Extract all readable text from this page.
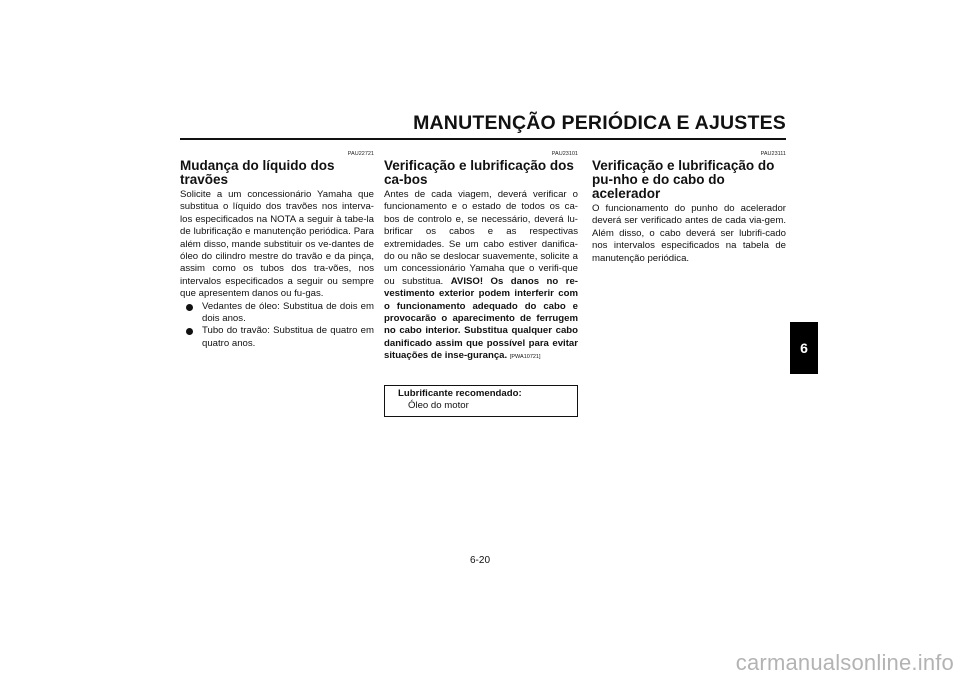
MANUTENÇÃO PERIÓDICA E AJUSTES
6
PAU22721
Mudança do líquido dos travões

Solicite a um concessionário Yamaha que substitua o líquido dos travões nos interva-los especificados na NOTA a seguir à tabe-la de lubrificação e manutenção periódica. Para além disso, mande substituir os ve-dantes de óleo do cilindro mestre do travão e da pinça, assim como os tubos dos tra-vões, nos intervalos especificados a seguir ou sempre que apresentem danos ou fu-gas.

Vedantes de óleo: Substitua de dois em dois anos.
Tubo do travão: Substitua de quatro em quatro anos.
PAU23101
Verificação e lubrificação dos ca-bos

Antes de cada viagem, deverá verificar o funcionamento e o estado de todos os ca-bos de controlo e, se necessário, deverá lu-brificar os cabos e as respectivas extremidades. Se um cabo estiver danifica-do ou não se deslocar suavemente, solicite a um concessionário Yamaha que o verifi-que ou substitua. AVISO! Os danos no re-vestimento exterior podem interferir com o funcionamento adequado do cabo e provocarão o aparecimento de ferrugem no cabo interior. Substitua qualquer cabo danificado assim que possível para evitar situações de inse-gurança. [PWA10721]

Lubrificante recomendado:
Óleo do motor
PAU23111
Verificação e lubrificação do pu-nho e do cabo do acelerador

O funcionamento do punho do acelerador deverá ser verificado antes de cada via-gem. Além disso, o cabo deverá ser lubrifi-cado nos intervalos especificados na tabela de manutenção periódica.

6-20
carmanualsonline.info
